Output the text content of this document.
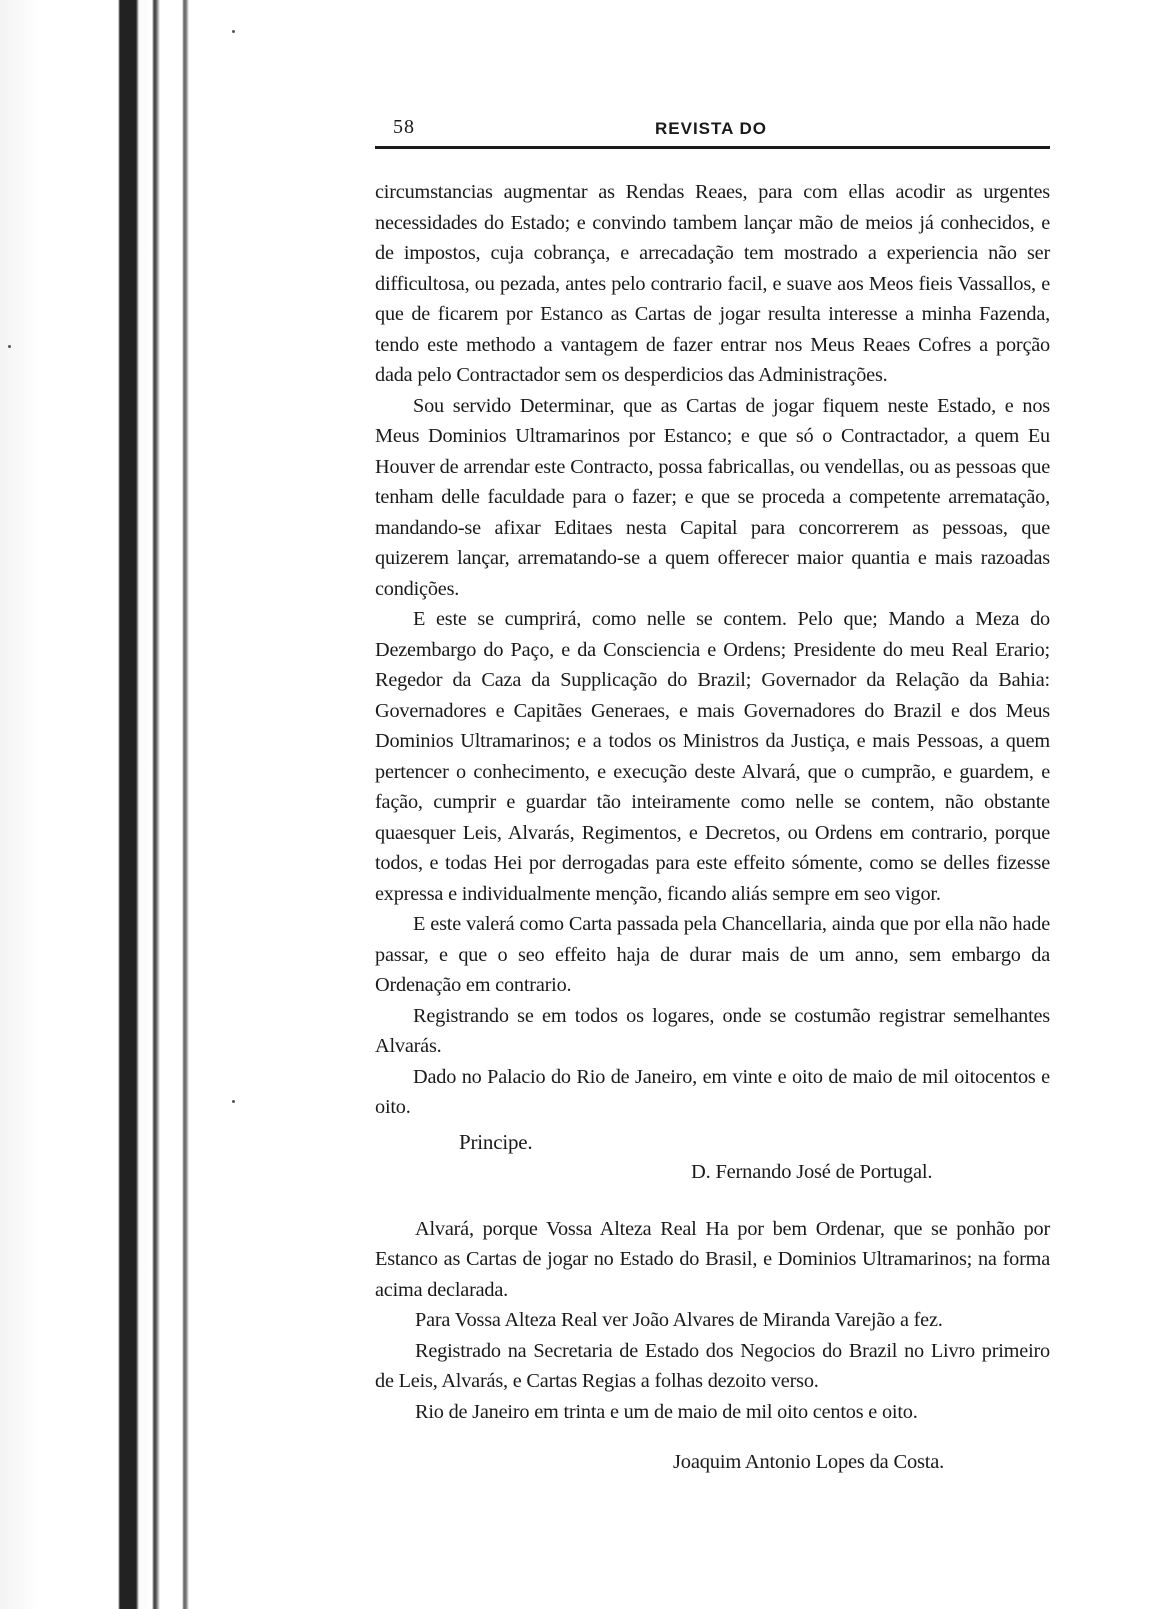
58	REVISTA DO

circumstancias augmentar as Rendas Reaes, para com ellas acodir as urgentes necessidades do Estado; e convindo tambem lançar mão de meios já conhecidos, e de impostos, cuja cobrança, e arrecadação tem mostrado a experiencia não ser difficultosa, ou pezada, antes pelo contrario facil, e suave aos Meos fieis Vassallos, e que de ficarem por Estanco as Cartas de jogar resulta interesse a minha Fazenda, tendo este methodo a vantagem de fazer entrar nos Meus Reaes Cofres a porção dada pelo Contractador sem os desperdicios das Administrações.

Sou servido Determinar, que as Cartas de jogar fiquem neste Estado, e nos Meus Dominios Ultramarinos por Estanco; e que só o Contractador, a quem Eu Houver de arrendar este Contracto, possa fabricallas, ou vendellas, ou as pessoas que tenham delle faculdade para o fazer; e que se proceda a competente arrematação, mandando-se afixar Editaes nesta Capital para concorrerem as pessoas, que quizerem lançar, arrematando-se a quem offerecer maior quantia e mais razoadas condições.

E este se cumprirá, como nelle se contem. Pelo que; Mando a Meza do Dezembargo do Paço, e da Consciencia e Ordens; Presidente do meu Real Erario; Regedor da Caza da Supplicação do Brazil; Governador da Relação da Bahia: Governadores e Capitães Generaes, e mais Governadores do Brazil e dos Meus Dominios Ultramarinos; e a todos os Ministros da Justiça, e mais Pessoas, a quem pertencer o conhecimento, e execução deste Alvará, que o cumprão, e guardem, e fação, cumprir e guardar tão inteiramente como nelle se contem, não obstante quaesquer Leis, Alvarás, Regimentos, e Decretos, ou Ordens em contrario, porque todos, e todas Hei por derrogadas para este effeito sómente, como se delles fizesse expressa e individualmente menção, ficando aliás sempre em seo vigor.

E este valerá como Carta passada pela Chancellaria, ainda que por ella não hade passar, e que o seo effeito haja de durar mais de um anno, sem embargo da Ordenação em contrario.

Registrando se em todos os logares, onde se costumão registrar semelhantes Alvarás.

Dado no Palacio do Rio de Janeiro, em vinte e oito de maio de mil oitocentos e oito.

Principe.
D. Fernando José de Portugal.

Alvará, porque Vossa Alteza Real Ha por bem Ordenar, que se ponhão por Estanco as Cartas de jogar no Estado do Brasil, e Dominios Ultramarinos; na forma acima declarada.

Para Vossa Alteza Real ver João Alvares de Miranda Varejão a fez.

Registrado na Secretaria de Estado dos Negocios do Brazil no Livro primeiro de Leis, Alvarás, e Cartas Regias a folhas dezoito verso.

Rio de Janeiro em trinta e um de maio de mil oito centos e oito.

Joaquim Antonio Lopes da Costa.
